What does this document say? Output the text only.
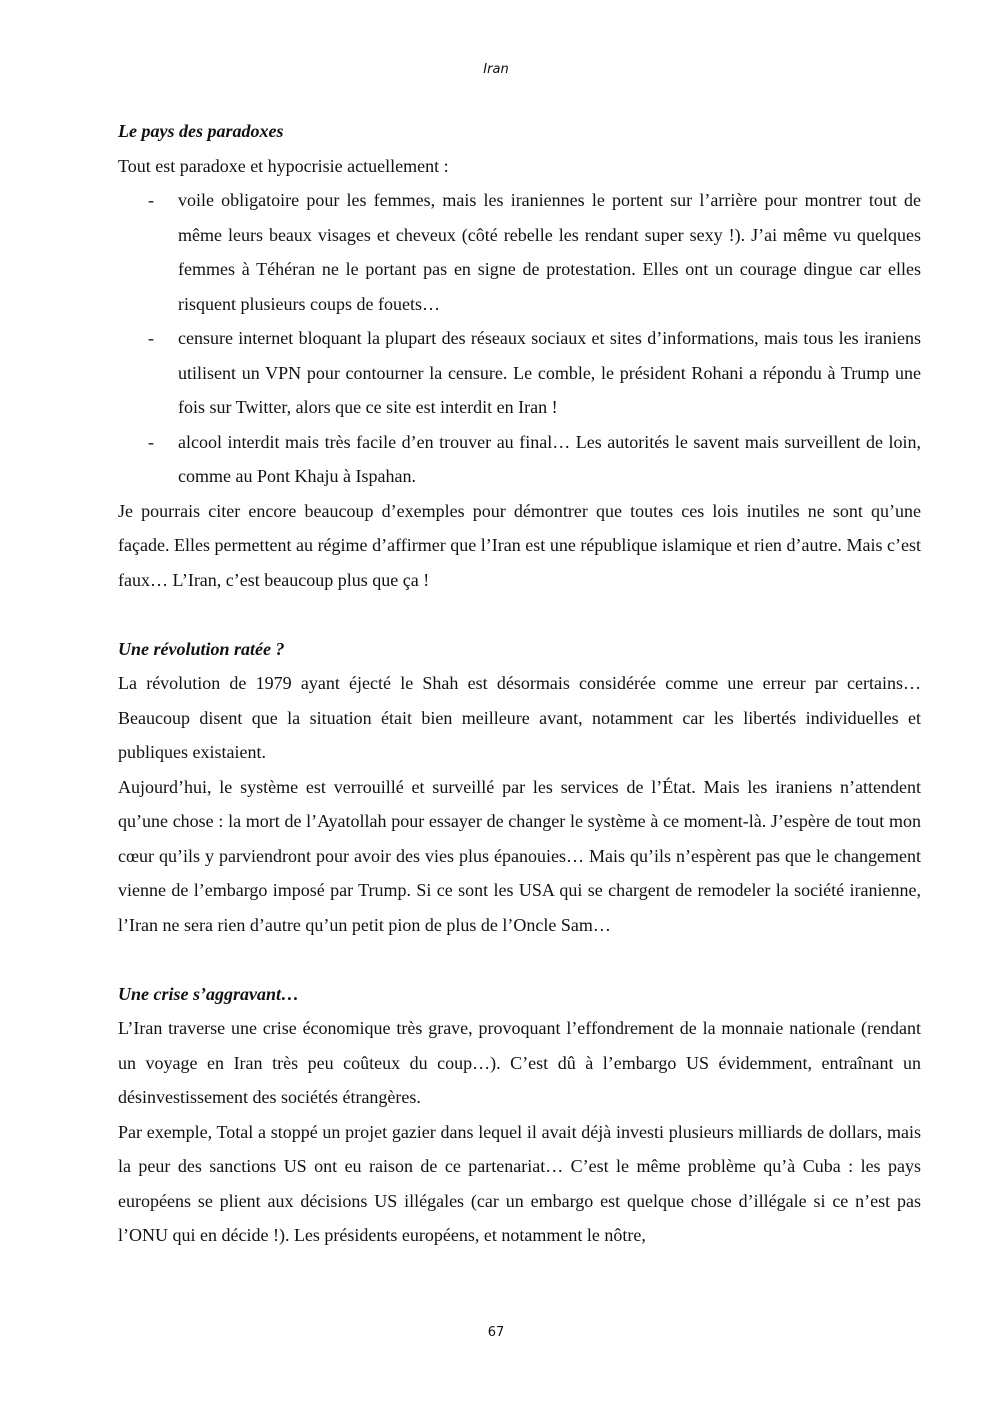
Iran
Le pays des paradoxes

Tout est paradoxe et hypocrisie actuellement :

- voile obligatoire pour les femmes, mais les iraniennes le portent sur l’arrière pour montrer tout de même leurs beaux visages et cheveux (côté rebelle les rendant super sexy !). J’ai même vu quelques femmes à Téhéran ne le portant pas en signe de protestation. Elles ont un courage dingue car elles risquent plusieurs coups de fouets…
- censure internet bloquant la plupart des réseaux sociaux et sites d’informations, mais tous les iraniens utilisent un VPN pour contourner la censure. Le comble, le président Rohani a répondu à Trump une fois sur Twitter, alors que ce site est interdit en Iran !
- alcool interdit mais très facile d’en trouver au final… Les autorités le savent mais surveillent de loin, comme au Pont Khaju à Ispahan.

Je pourrais citer encore beaucoup d’exemples pour démontrer que toutes ces lois inutiles ne sont qu’une façade. Elles permettent au régime d’affirmer que l’Iran est une république islamique et rien d’autre. Mais c’est faux… L’Iran, c’est beaucoup plus que ça !

Une révolution ratée ?

La révolution de 1979 ayant éjecté le Shah est désormais considérée comme une erreur par certains… Beaucoup disent que la situation était bien meilleure avant, notamment car les libertés individuelles et publiques existaient.

Aujourd’hui, le système est verrouillé et surveillé par les services de l’État. Mais les iraniens n’attendent qu’une chose : la mort de l’Ayatollah pour essayer de changer le système à ce moment-là. J’espère de tout mon cœur qu’ils y parviendront pour avoir des vies plus épanouies… Mais qu’ils n’espèrent pas que le changement vienne de l’embargo imposé par Trump. Si ce sont les USA qui se chargent de remodeler la société iranienne, l’Iran ne sera rien d’autre qu’un petit pion de plus de l’Oncle Sam…

Une crise s’aggravant…

L’Iran traverse une crise économique très grave, provoquant l’effondrement de la monnaie nationale (rendant un voyage en Iran très peu coûteux du coup…). C’est dû à l’embargo US évidemment, entraînant un désinvestissement des sociétés étrangères.

Par exemple, Total a stoppé un projet gazier dans lequel il avait déjà investi plusieurs milliards de dollars, mais la peur des sanctions US ont eu raison de ce partenariat… C’est le même problème qu’à Cuba : les pays européens se plient aux décisions US illégales (car un embargo est quelque chose d’illégale si ce n’est pas l’ONU qui en décide !). Les présidents européens, et notamment le nôtre,

67
